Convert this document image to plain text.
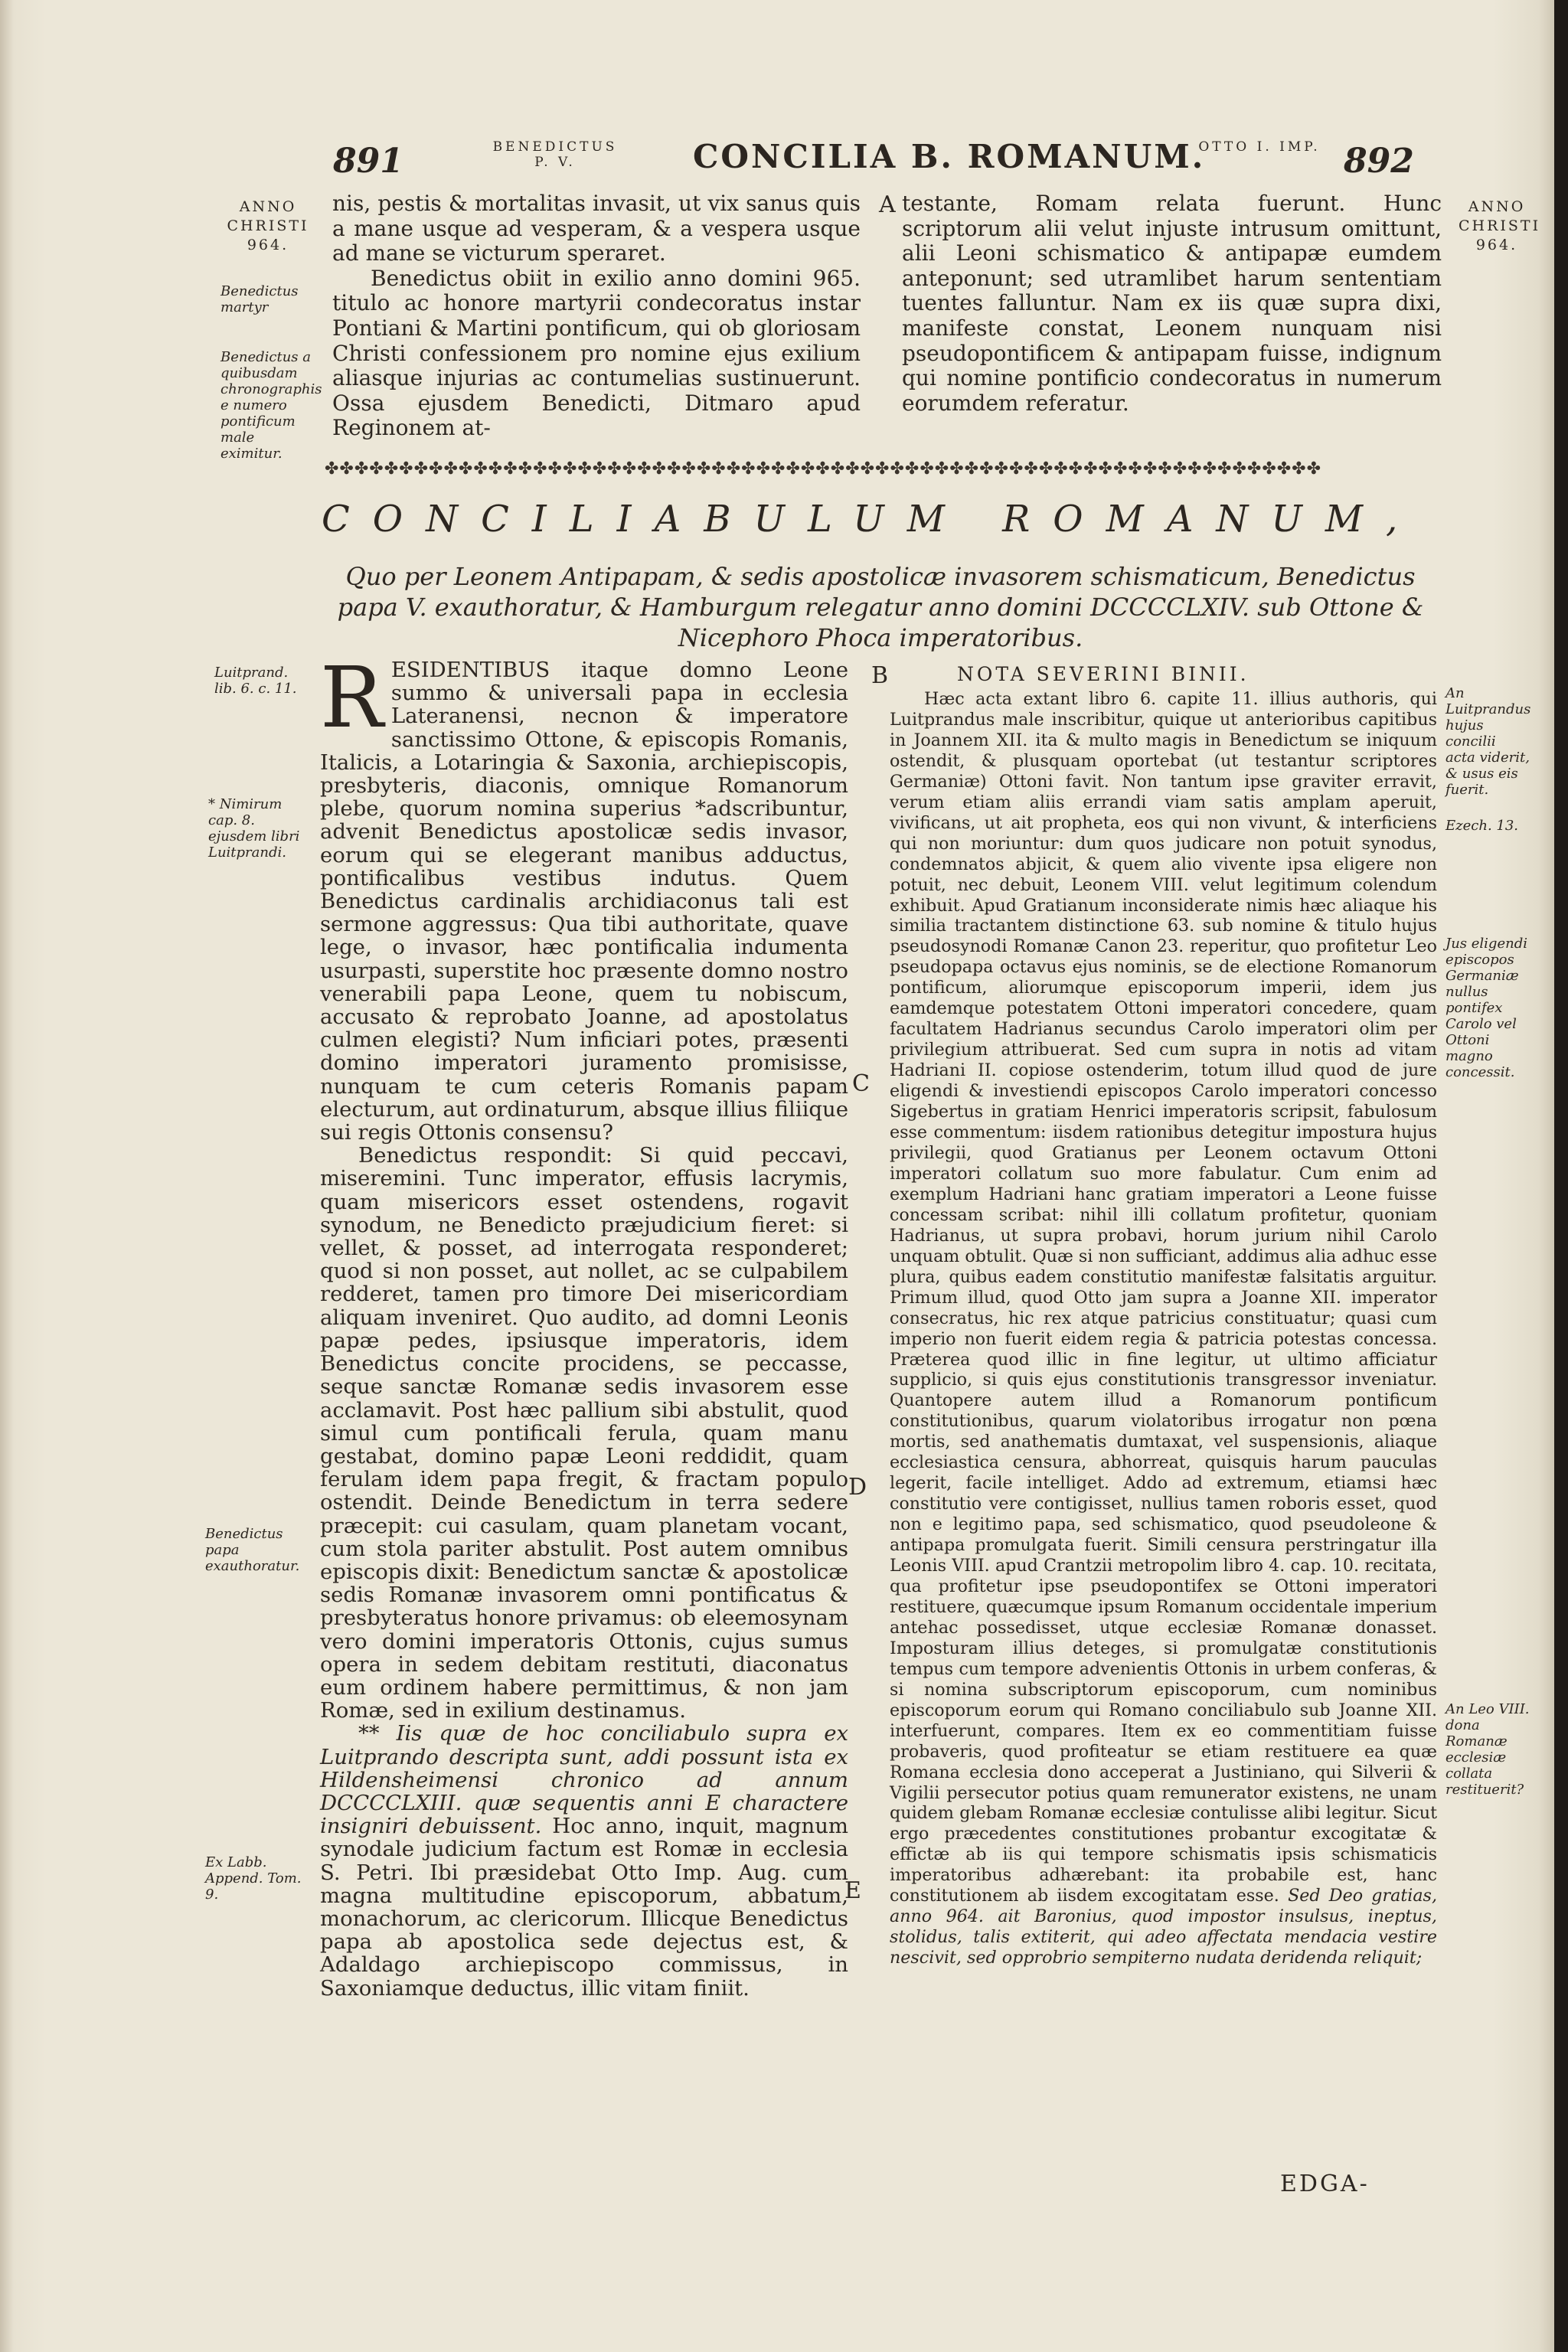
891	BENEDICTUS P. V.	CONCILIA B. ROMANUM.
OTTO I. IMP. 892
ANNO CHRISTI 964.
ANNO CHRISTI 964.
Benedictus martyr
Benedictus a quibusdam chronographis e numero pontificum male eximitur.

nis, pestis & mortalitas invasit, ut vix sanus quis a mane usque ad vesperam, & a vespera usque ad mane se victurum speraret.

Benedictus obiit in exilio anno domini 965. titulo ac honore martyrii condecoratus instar Pontiani & Martini pontificum, qui ob gloriosam Christi confessionem pro nomine ejus exilium aliasque injurias ac contumelias sustinuerunt. Ossa ejusdem Benedicti, Ditmaro apud Reginonem at-

A testante, Romam relata fuerunt. Hunc scriptorum alii velut injuste intrusum omittunt, alii Leoni schismatico & antipapæ eumdem anteponunt; sed utramlibet harum sententiam tuentes falluntur. Nam ex iis quæ supra dixi, manifeste constat, Leonem nunquam nisi pseudopontificem & antipapam fuisse, indignum qui nomine pontificio condecoratus in numerum eorumdem referatur.

✤✤✤✤✤✤✤✤✤✤✤✤✤✤✤✤✤✤✤✤✤✤✤✤✤✤✤✤✤✤✤✤✤✤✤✤✤✤✤✤✤✤✤✤✤✤✤✤✤✤✤✤✤✤✤✤✤✤✤✤✤✤✤✤✤✤✤
CONCILIABULUM ROMANUM,
Quo per Leonem Antipapam, & sedis apostolicæ invasorem schismaticum, Benedictus papa V. exauthoratur, & Hamburgum relegatur anno domini DCCCCLXIV. sub Ottone & Nicephoro Phoca imperatoribus.
Luitprand. lib. 6. c. 11.
* Nimirum cap. 8. ejusdem libri Luitprandi.
Benedictus papa exauthoratur.
Ex Labb. Append. Tom. 9.

RESIDENTIBUS itaque domno Leone summo & universali papa in ecclesia Lateranensi, necnon & imperatore sanctissimo Ottone, & episcopis Romanis, Italicis, a Lotaringia & Saxonia, archiepiscopis, presbyteris, diaconis, omnique Romanorum plebe, quorum nomina superius *adscribuntur, advenit Benedictus apostolicæ sedis invasor, eorum qui se elegerant manibus adductus, pontificalibus vestibus indutus. Quem Benedictus cardinalis archidiaconus tali est sermone aggressus: Qua tibi authoritate, quave lege, o invasor, hæc pontificalia indumenta usurpasti, superstite hoc præsente domno nostro venerabili papa Leone, quem tu nobiscum, accusato & reprobato Joanne, ad apostolatus culmen elegisti? Num inficiari potes, præsenti domino imperatori juramento promisisse, nunquam te cum ceteris Romanis papam electurum, aut ordinaturum, absque illius filiique sui regis Ottonis consensu?

Benedictus respondit: Si quid peccavi, miseremini. Tunc imperator, effusis lacrymis, quam misericors esset ostendens, rogavit synodum, ne Benedicto præjudicium fieret: si vellet, & posset, ad interrogata responderet; quod si non posset, aut nollet, ac se culpabilem redderet, tamen pro timore Dei misericordiam aliquam inveniret. Quo audito, ad domni Leonis papæ pedes, ipsiusque imperatoris, idem Benedictus concite procidens, se peccasse, seque sanctæ Romanæ sedis invasorem esse acclamavit. Post hæc pallium sibi abstulit, quod simul cum pontificali ferula, quam manu gestabat, domino papæ Leoni reddidit, quam ferulam idem papa fregit, & fractam populo ostendit. Deinde Benedictum in terra sedere præcepit: cui casulam, quam planetam vocant, cum stola pariter abstulit. Post autem omnibus episcopis dixit: Benedictum sanctæ & apostolicæ sedis Romanæ invasorem omni pontificatus & presbyteratus honore privamus: ob eleemosynam vero domini imperatoris Ottonis, cujus sumus opera in sedem debitam restituti, diaconatus eum ordinem habere permittimus, & non jam Romæ, sed in exilium destinamus.

** Iis quæ de hoc conciliabulo supra ex Luitprando descripta sunt, addi possunt ista ex Hildensheimensi chronico ad annum DCCCCLXIII. quæ sequentis anni E charactere insigniri debuissent. Hoc anno, inquit, magnum synodale judicium factum est Romæ in ecclesia S. Petri. Ibi præsidebat Otto Imp. Aug. cum magna multitudine episcoporum, abbatum, monachorum, ac clericorum. Illicque Benedictus papa ab apostolica sede dejectus est, & Adaldago archiepiscopo commissus, in Saxoniamque deductus, illic vitam finiit.

B
C
D
E
NOTA SEVERINI BINII.

Hæc acta extant libro 6. capite 11. illius authoris, qui Luitprandus male inscribitur, quique ut anterioribus capitibus in Joannem XII. ita & multo magis in Benedictum se iniquum ostendit, & plusquam oportebat (ut testantur scriptores Germaniæ) Ottoni favit. Non tantum ipse graviter erravit, verum etiam aliis errandi viam satis amplam aperuit, vivificans, ut ait propheta, eos qui non vivunt, & interficiens qui non moriuntur: dum quos judicare non potuit synodus, condemnatos abjicit, & quem alio vivente ipsa eligere non potuit, nec debuit, Leonem VIII. velut legitimum colendum exhibuit. Apud Gratianum inconsiderate nimis hæc aliaque his similia tractantem distinctione 63. sub nomine & titulo hujus pseudosynodi Romanæ Canon 23. reperitur, quo profitetur Leo pseudopapa octavus ejus nominis, se de electione Romanorum pontificum, aliorumque episcoporum imperii, idem jus eamdemque potestatem Ottoni imperatori concedere, quam facultatem Hadrianus secundus Carolo imperatori olim per privilegium attribuerat. Sed cum supra in notis ad vitam Hadriani II. copiose ostenderim, totum illud quod de jure eligendi & investiendi episcopos Carolo imperatori concesso Sigebertus in gratiam Henrici imperatoris scripsit, fabulosum esse commentum: iisdem rationibus detegitur impostura hujus privilegii, quod Gratianus per Leonem octavum Ottoni imperatori collatum suo more fabulatur. Cum enim ad exemplum Hadriani hanc gratiam imperatori a Leone fuisse concessam scribat: nihil illi collatum profitetur, quoniam Hadrianus, ut supra probavi, horum jurium nihil Carolo unquam obtulit. Quæ si non sufficiant, addimus alia adhuc esse plura, quibus eadem constitutio manifestæ falsitatis arguitur. Primum illud, quod Otto jam supra a Joanne XII. imperator consecratus, hic rex atque patricius constituatur; quasi cum imperio non fuerit eidem regia & patricia potestas concessa. Præterea quod illic in fine legitur, ut ultimo afficiatur supplicio, si quis ejus constitutionis transgressor inveniatur. Quantopere autem illud a Romanorum pontificum constitutionibus, quarum violatoribus irrogatur non pœna mortis, sed anathematis dumtaxat, vel suspensionis, aliaque ecclesiastica censura, abhorreat, quisquis harum pauculas legerit, facile intelliget. Addo ad extremum, etiamsi hæc constitutio vere contigisset, nullius tamen roboris esset, quod non e legitimo papa, sed schismatico, quod pseudoleone & antipapa promulgata fuerit. Simili censura perstringatur illa Leonis VIII. apud Crantzii metropolim libro 4. cap. 10. recitata, qua profitetur ipse pseudopontifex se Ottoni imperatori restituere, quæcumque ipsum Romanum occidentale imperium antehac possedisset, utque ecclesiæ Romanæ donasset. Imposturam illius deteges, si promulgatæ constitutionis tempus cum tempore advenientis Ottonis in urbem conferas, & si nomina subscriptorum episcoporum, cum nominibus episcoporum eorum qui Romano conciliabulo sub Joanne XII. interfuerunt, compares. Item ex eo commentitiam fuisse probaveris, quod profiteatur se etiam restituere ea quæ Romana ecclesia dono acceperat a Justiniano, qui Silverii & Vigilii persecutor potius quam remunerator existens, ne unam quidem glebam Romanæ ecclesiæ contulisse alibi legitur. Sicut ergo præcedentes constitutiones probantur excogitatæ & effictæ ab iis qui tempore schismatis ipsis schismaticis imperatoribus adhærebant: ita probabile est, hanc constitutionem ab iisdem excogitatam esse. Sed Deo gratias, anno 964. ait Baronius, quod impostor insulsus, ineptus, stolidus, talis extiterit, qui adeo affectata mendacia vestire nescivit, sed opprobrio sempiterno nudata deridenda reliquit;

EDGA-
An Luitprandus hujus concilii acta viderit, & usus eis fuerit.
Ezech. 13.
Jus eligendi episcopos Germaniæ nullus pontifex Carolo vel Ottoni magno concessit.
An Leo VIII. dona Romanæ ecclesiæ collata restituerit?
